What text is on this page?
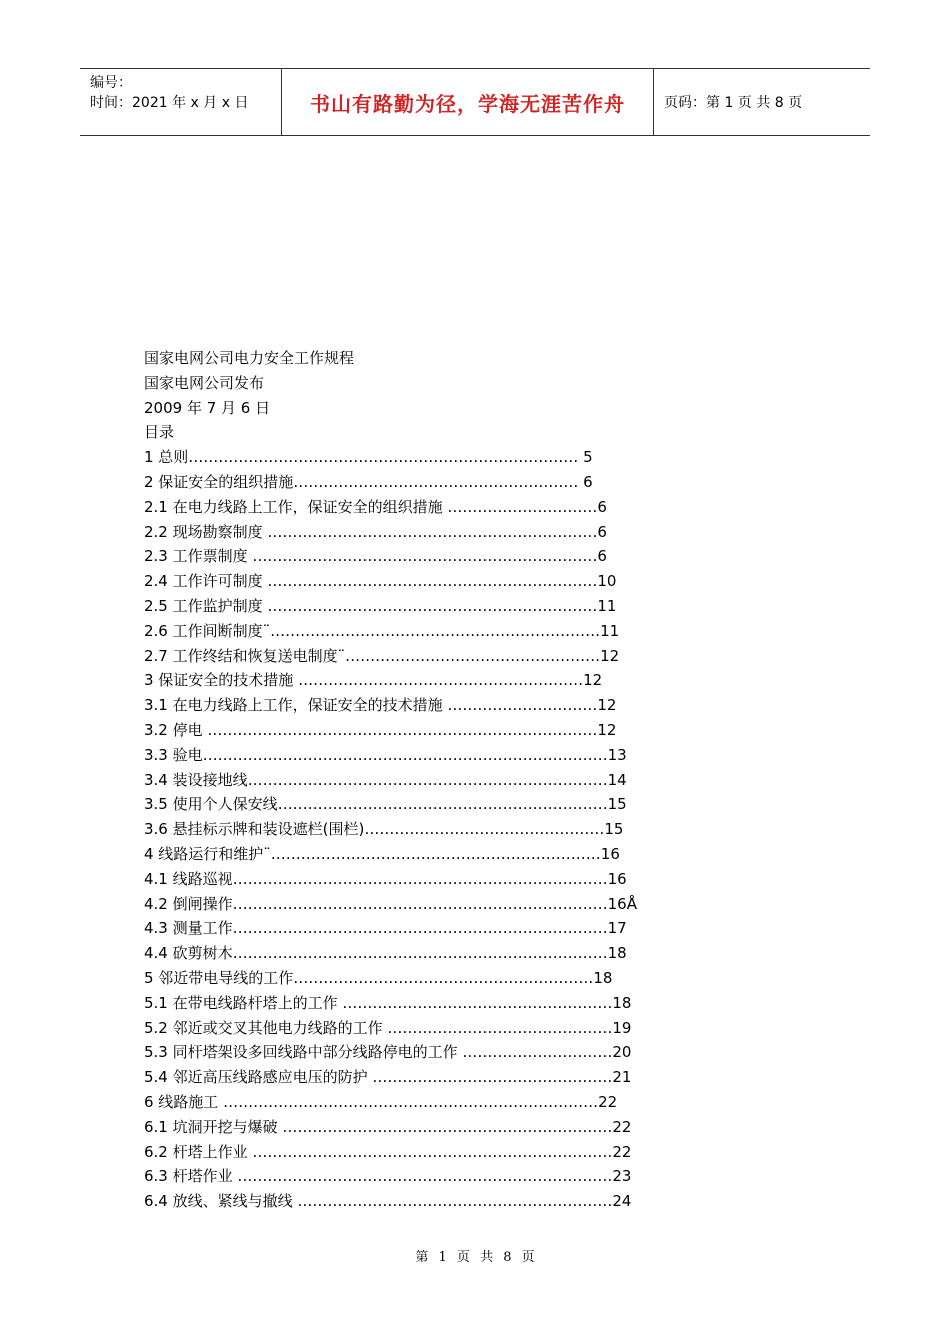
编号：
时间：2021 年 x 月 x 日	书山有路勤为径，学海无涯苦作舟	页码：第 1 页 共 8 页
国家电网公司电力安全工作规程
国家电网公司发布
2009 年 7 月 6 日
目录
1 总则…………………………………………………………………… 5
2 保证安全的组织措施………………………………………………… 6
2.1 在电力线路上工作，保证安全的组织措施 …………………………6
2.2 现场勘察制度 …………………………………………………………6
2.3 工作票制度 ……………………………………………………………6
2.4 工作许可制度 …………………………………………………………10
2.5 工作监护制度 …………………………………………………………11
2.6 工作间断制度¨…………………………………………………………11
2.7 工作终结和恢复送电制度¨……………………………………………12
3 保证安全的技术措施 …………………………………………………12
3.1 在电力线路上工作，保证安全的技术措施 …………………………12
3.2 停电 ……………………………………………………………………12
3.3 验电………………………………………………………………………13
3.4 装设接地线………………………………………………………………14
3.5 使用个人保安线…………………………………………………………15
3.6 悬挂标示牌和装设遮栏(围栏)…………………………………………15
4 线路运行和维护¨…………………………………………………………16
4.1 线路巡视…………………………………………………………………16
4.2 倒闸操作…………………………………………………………………16Å
4.3 测量工作…………………………………………………………………17
4.4 砍剪树木…………………………………………………………………18
5 邻近带电导线的工作……………………………………………………18
5.1 在带电线路杆塔上的工作 ………………………………………………18
5.2 邻近或交叉其他电力线路的工作 ………………………………………19
5.3 同杆塔架设多回线路中部分线路停电的工作 …………………………20
5.4 邻近高压线路感应电压的防护 …………………………………………21
6 线路施工 …………………………………………………………………22
6.1 坑洞开挖与爆破 …………………………………………………………22
6.2 杆塔上作业 ………………………………………………………………22
6.3 杆塔作业 …………………………………………………………………23
6.4 放线、紧线与撤线 ………………………………………………………24
第 1 页 共 8 页
